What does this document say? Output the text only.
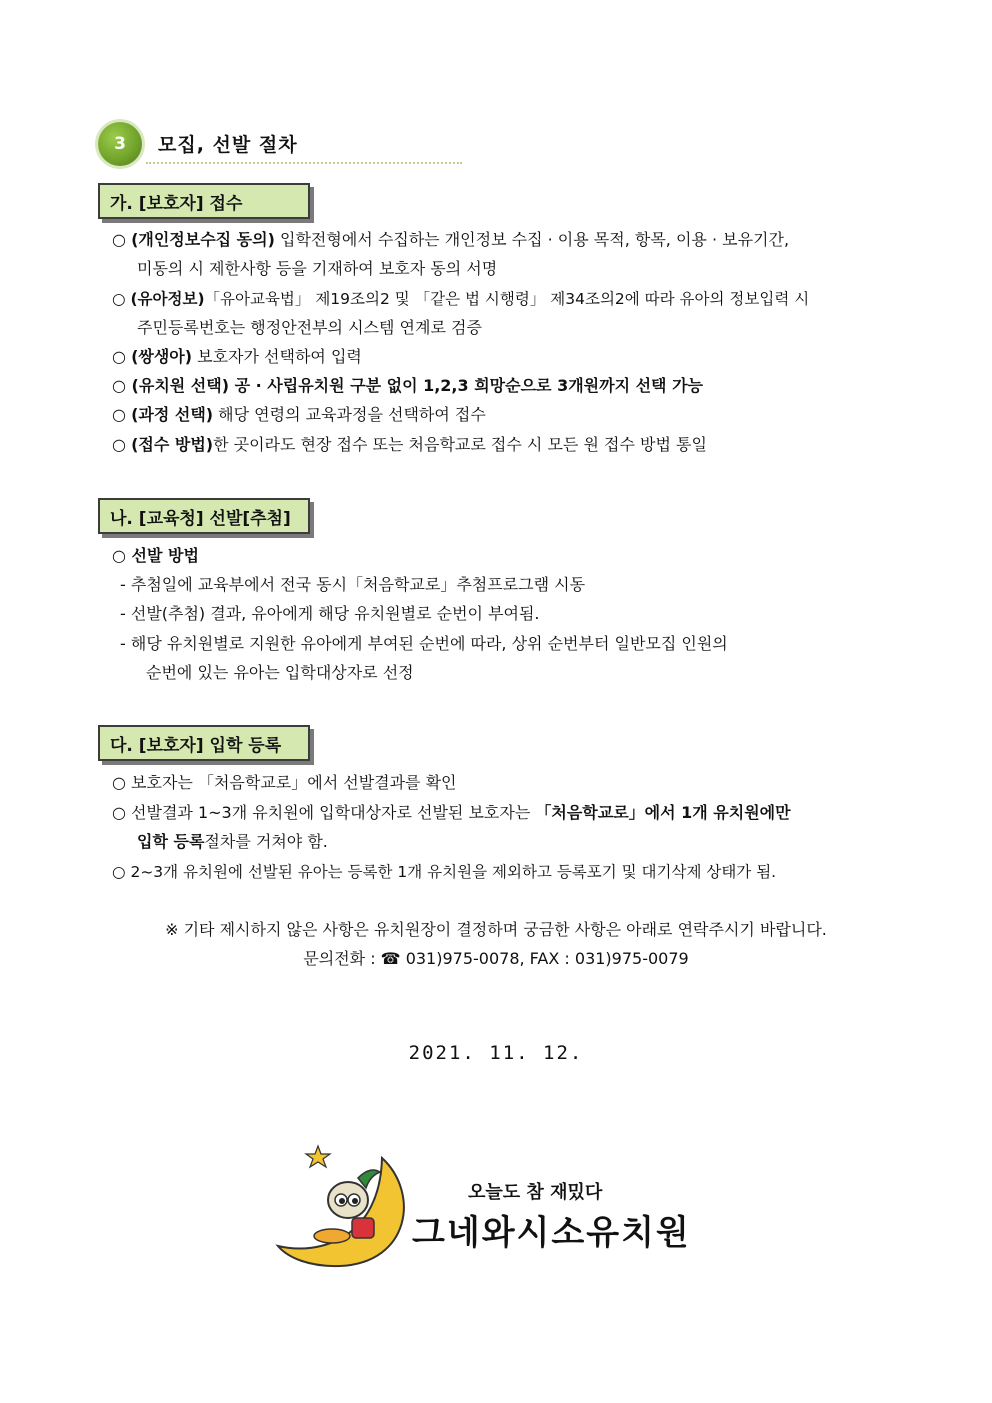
3	모집, 선발 절차
가. [보호자] 접수
○ (개인정보수집 동의) 입학전형에서 수집하는 개인정보 수집 · 이용 목적, 항목, 이용 · 보유기간,
미동의 시 제한사항 등을 기재하여 보호자 동의 서명
○ (유아정보)「유아교육법」 제19조의2 및 「같은 법 시행령」 제34조의2에 따라 유아의 정보입력 시
주민등록번호는 행정안전부의 시스템 연계로 검증
○ (쌍생아) 보호자가 선택하여 입력
○ (유치원 선택) 공 · 사립유치원 구분 없이 1,2,3 희망순으로 3개원까지 선택 가능
○ (과정 선택) 해당 연령의 교육과정을 선택하여 접수
○ (접수 방법)한 곳이라도 현장 접수 또는 처음학교로 접수 시 모든 원 접수 방법 통일
나. [교육청] 선발[추첨]
○ 선발 방법
- 추첨일에 교육부에서 전국 동시「처음학교로」추첨프로그램 시동
- 선발(추첨) 결과, 유아에게 해당 유치원별로 순번이 부여됨.
- 해당 유치원별로 지원한 유아에게 부여된 순번에 따라, 상위 순번부터 일반모집 인원의
순번에 있는 유아는 입학대상자로 선정
다. [보호자] 입학 등록
○ 보호자는 「처음학교로」에서 선발결과를 확인
○ 선발결과 1~3개 유치원에 입학대상자로 선발된 보호자는 「처음학교로」에서 1개 유치원에만
입학 등록절차를 거쳐야 함.
○ 2~3개 유치원에 선발된 유아는 등록한 1개 유치원을 제외하고 등록포기 및 대기삭제 상태가 됨.
※ 기타 제시하지 않은 사항은 유치원장이 결정하며 궁금한 사항은 아래로 연락주시기 바랍니다.
문의전화 : ☎ 031)975-0078, FAX : 031)975-0079
2021. 11. 12.
오늘도 참 재밌다
그네와시소유치원
